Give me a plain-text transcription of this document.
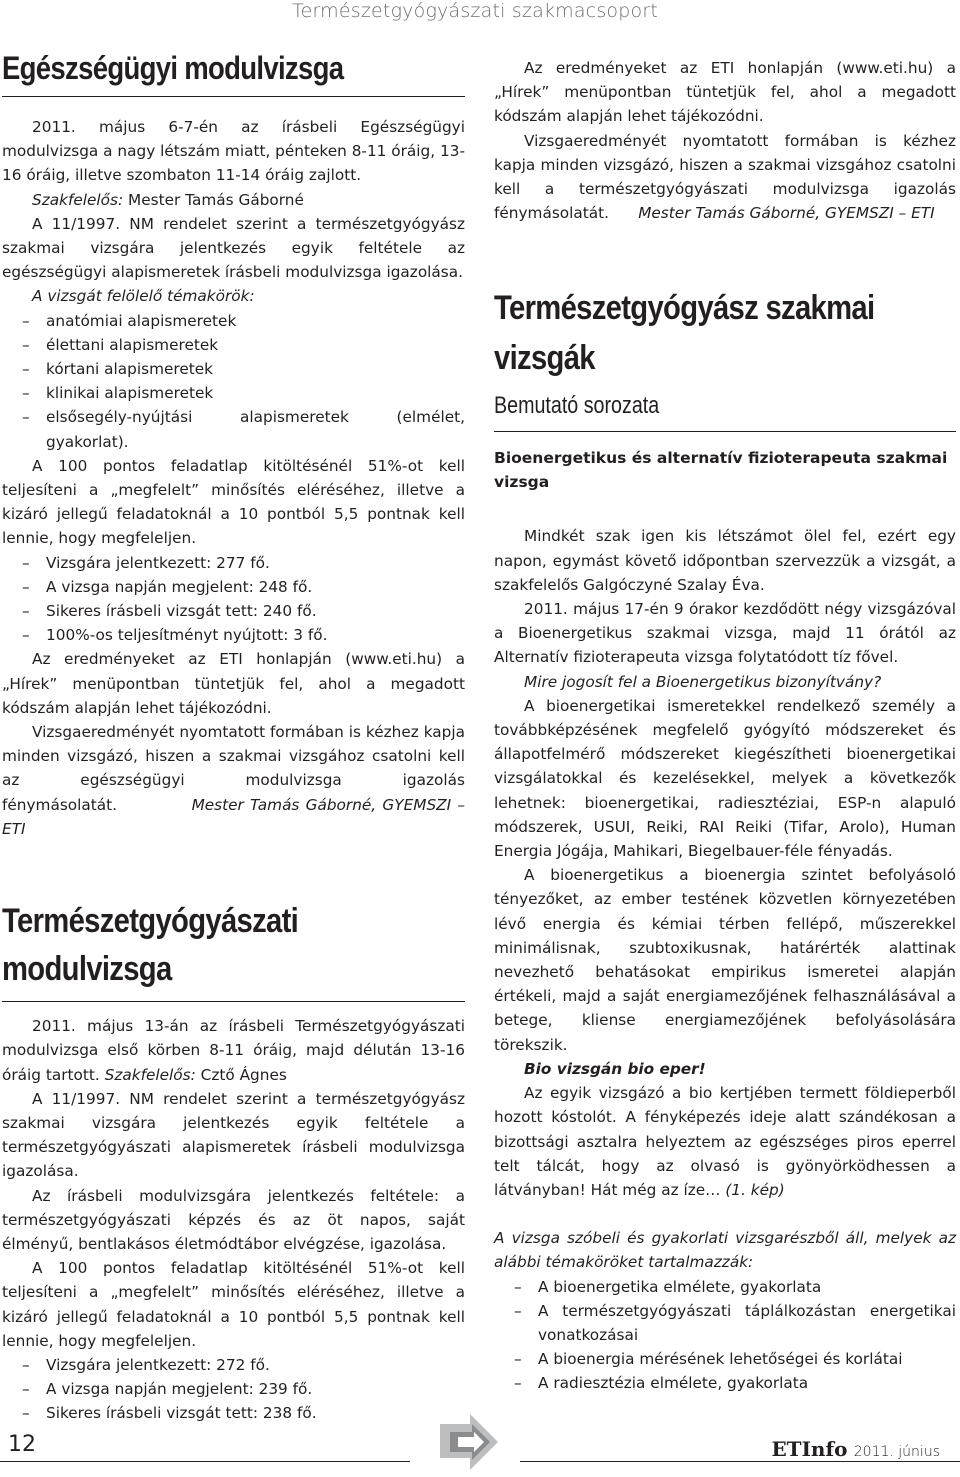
Természetgyógyászati szakmacsoport
Egészségügyi modulvizsga

2011. május 6-7-én az írásbeli Egészségügyi modulvizsga a nagy létszám miatt, pénteken 8-11 óráig, 13-16 óráig, illetve szombaton 11-14 óráig zajlott.

Szakfelelős: Mester Tamás Gáborné

A 11/1997. NM rendelet szerint a természetgyógyász szakmai vizsgára jelentkezés egyik feltétele az egészségügyi alapismeretek írásbeli modulvizsga igazolása.

A vizsgát felölelő témakörök:

– anatómiai alapismeretek
– élettani alapismeretek
– kórtani alapismeretek
– klinikai alapismeretek
– elsősegély-nyújtási alapismeretek (elmélet, gyakorlat).

A 100 pontos feladatlap kitöltésénél 51%-ot kell teljesíteni a „megfelelt” minősítés eléréséhez, illetve a kizáró jellegű feladatoknál a 10 pontból 5,5 pontnak kell lennie, hogy megfeleljen.

– Vizsgára jelentkezett: 277 fő.
– A vizsga napján megjelent: 248 fő.
– Sikeres írásbeli vizsgát tett: 240 fő.
– 100%-os teljesítményt nyújtott: 3 fő.

Az eredményeket az ETI honlapján (www.eti.hu) a „Hírek” menüpontban tüntetjük fel, ahol a megadott kódszám alapján lehet tájékozódni.

Vizsgaeredményét nyomtatott formában is kézhez kapja minden vizsgázó, hiszen a szakmai vizsgához csatolni kell az egészségügyi modulvizsga igazolás fénymásolatát.	Mester Tamás Gáborné, GYEMSZI – ETI

Természetgyógyászati modulvizsga

2011. május 13-án az írásbeli Természetgyógyászati modulvizsga első körben 8-11 óráig, majd délután 13-16 óráig tartott. Szakfelelős: Cztő Ágnes

A 11/1997. NM rendelet szerint a természetgyógyász szakmai vizsgára jelentkezés egyik feltétele a természetgyógyászati alapismeretek írásbeli modulvizsga igazolása.

Az írásbeli modulvizsgára jelentkezés feltétele: a természetgyógyászati képzés és az öt napos, saját élményű, bentlakásos életmódtábor elvégzése, igazolása.

A 100 pontos feladatlap kitöltésénél 51%-ot kell teljesíteni a „megfelelt” minősítés eléréséhez, illetve a kizáró jellegű feladatoknál a 10 pontból 5,5 pontnak kell lennie, hogy megfeleljen.

– Vizsgára jelentkezett: 272 fő.
– A vizsga napján megjelent: 239 fő.
– Sikeres írásbeli vizsgát tett: 238 fő.

Az eredményeket az ETI honlapján (www.eti.hu) a „Hírek” menüpontban tüntetjük fel, ahol a megadott kódszám alapján lehet tájékozódni.

Vizsgaeredményét nyomtatott formában is kézhez kapja minden vizsgázó, hiszen a szakmai vizsgához csatolni kell a természetgyógyászati modulvizsga igazolás fénymásolatát. Mester Tamás Gáborné, GYEMSZI – ETI

Természetgyógyász szakmai vizsgák
Bemutató sorozata
Bioenergetikus és alternatív fizioterapeuta szakmai vizsga

Mindkét szak igen kis létszámot ölel fel, ezért egy napon, egymást követő időpontban szervezzük a vizsgát, a szakfelelős Galgóczyné Szalay Éva.

2011. május 17-én 9 órakor kezdődött négy vizsgázóval a Bioenergetikus szakmai vizsga, majd 11 órától az Alternatív fizioterapeuta vizsga folytatódott tíz fővel.

Mire jogosít fel a Bioenergetikus bizonyítvány?

A bioenergetikai ismeretekkel rendelkező személy a továbbképzésének megfelelő gyógyító módszereket és állapotfelmérő módszereket kiegészítheti bioenergetikai vizsgálatokkal és kezelésekkel, melyek a következők lehetnek: bioenergetikai, radiesztéziai, ESP-n alapuló módszerek, USUI, Reiki, RAI Reiki (Tifar, Arolo), Human Energia Jógája, Mahikari, Biegelbauer-féle fényadás.

A bioenergetikus a bioenergia szintet befolyásoló tényezőket, az ember testének közvetlen környezetében lévő energia és kémiai térben fellépő, műszerekkel minimálisnak, szubtoxikusnak, határérték alattinak nevezhető behatásokat empirikus ismeretei alapján értékeli, majd a saját energiamezőjének felhasználásával a betege, kliense energiamezőjének befolyásolására törekszik.

Bio vizsgán bio eper!

Az egyik vizsgázó a bio kertjében termett földieperből hozott kóstolót. A fényképezés ideje alatt szándékosan a bizottsági asztalra helyeztem az egészséges piros eperrel telt tálcát, hogy az olvasó is gyönyörködhessen a látványban! Hát még az íze… (1. kép)

A vizsga szóbeli és gyakorlati vizsgarészből áll, melyek az alábbi témaköröket tartalmazzák:

– A bioenergetika elmélete, gyakorlata
– A természetgyógyászati táplálkozástan energetikai vonatkozásai
– A bioenergia mérésének lehetőségei és korlátai
– A radiesztézia elmélete, gyakorlata
12	ETInfo 2011. június
